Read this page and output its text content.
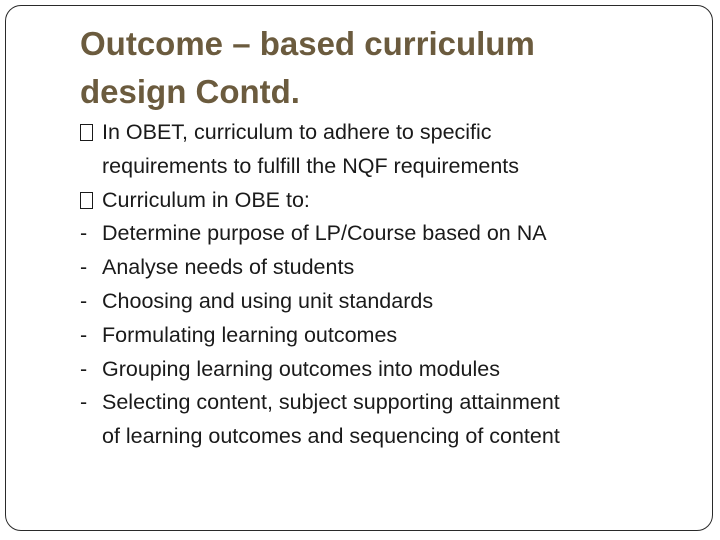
Outcome – based curriculum
design Contd.
In OBET, curriculum to adhere to specific
requirements to fulfill the NQF requirements
Curriculum in OBE to:
- Determine purpose of LP/Course based on NA
- Analyse needs of students
- Choosing and using unit standards
- Formulating learning outcomes
- Grouping learning outcomes into modules
- Selecting content, subject supporting attainment
of learning outcomes and sequencing of content
